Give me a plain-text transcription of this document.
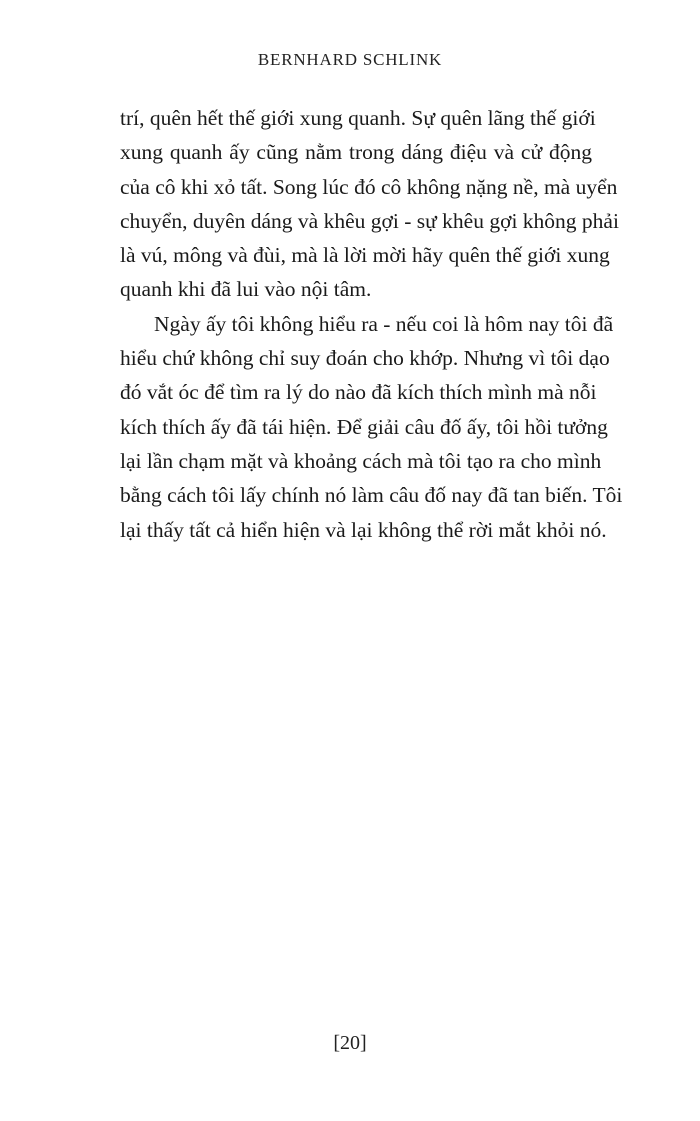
BERNHARD SCHLINK
trí, quên hết thế giới xung quanh. Sự quên lãng thế giới
xung quanh ấy cũng nằm trong dáng điệu và cử động
của cô khi xỏ tất. Song lúc đó cô không nặng nề, mà uyển
chuyển, duyên dáng và khêu gợi - sự khêu gợi không phải
là vú, mông và đùi, mà là lời mời hãy quên thế giới xung
quanh khi đã lui vào nội tâm.
Ngày ấy tôi không hiểu ra - nếu coi là hôm nay tôi đã
hiểu chứ không chỉ suy đoán cho khớp. Nhưng vì tôi dạo
đó vắt óc để tìm ra lý do nào đã kích thích mình mà nỗi
kích thích ấy đã tái hiện. Để giải câu đố ấy, tôi hồi tưởng
lại lần chạm mặt và khoảng cách mà tôi tạo ra cho mình
bằng cách tôi lấy chính nó làm câu đố nay đã tan biến. Tôi
lại thấy tất cả hiển hiện và lại không thể rời mắt khỏi nó.
[20]
